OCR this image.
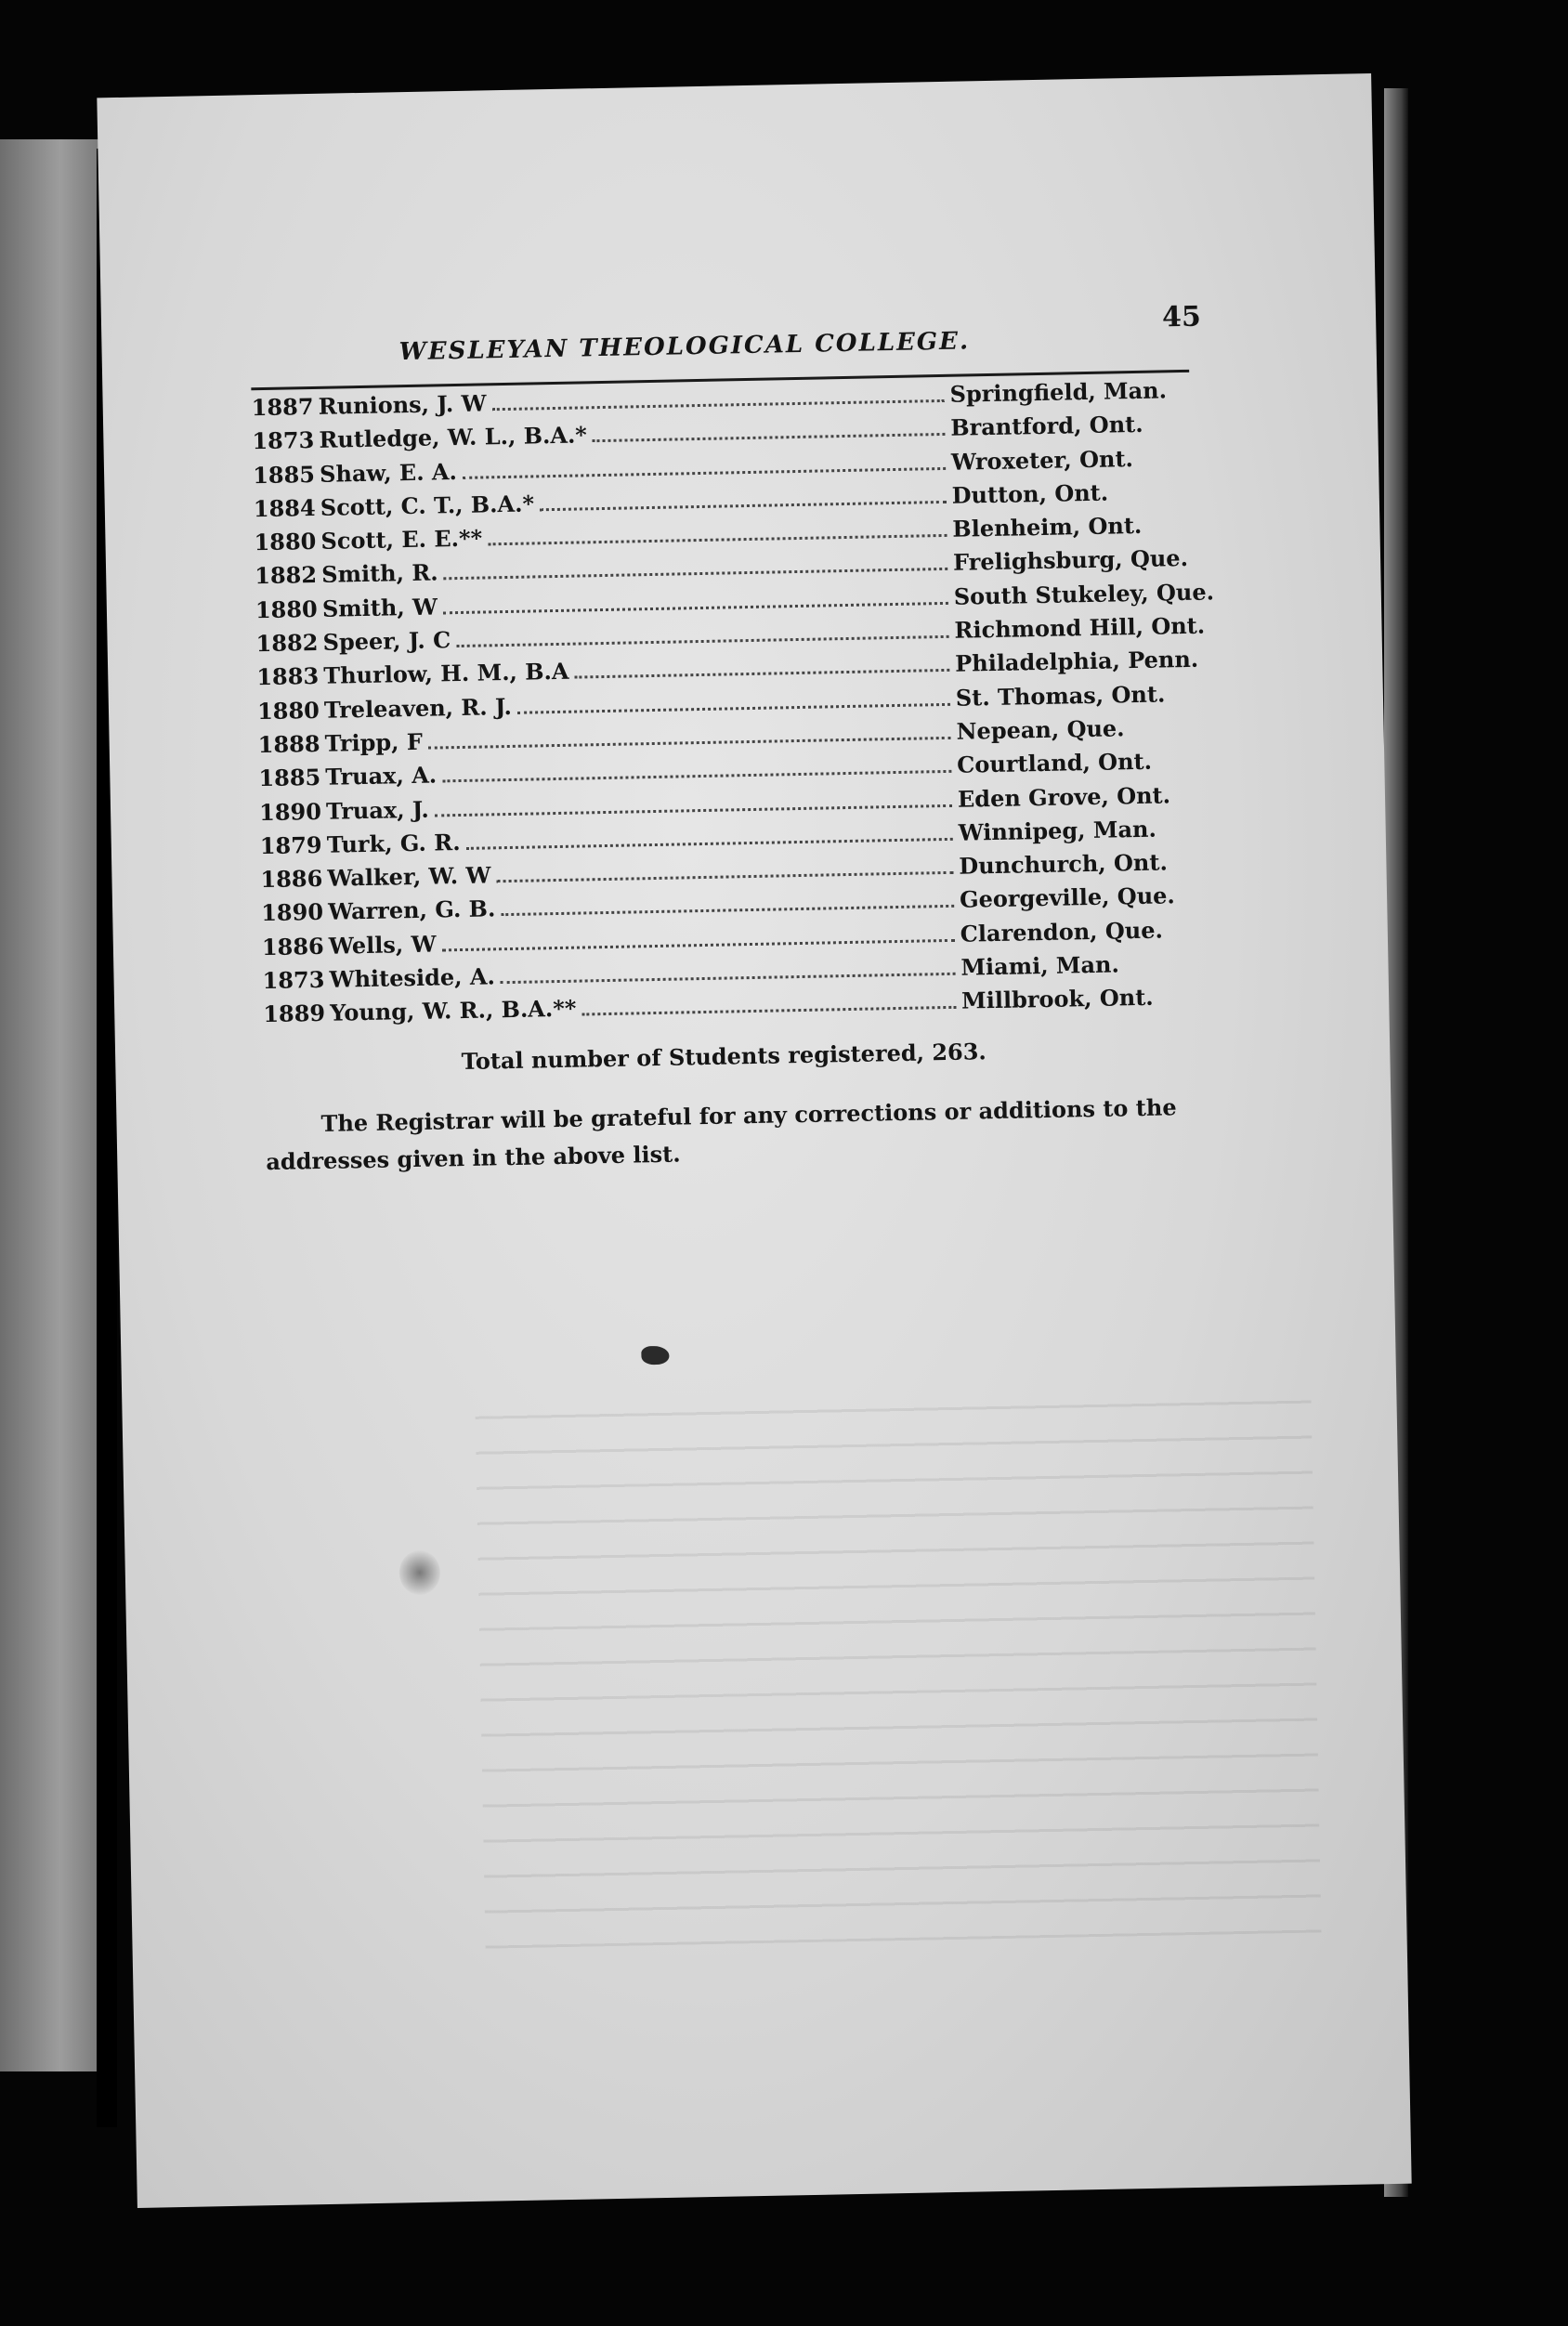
WESLEYAN THEOLOGICAL COLLEGE.
45
1887 Runions, J. W	Springfield, Man.
1873 Rutledge, W. L., B.A.*	Brantford, Ont.
1885 Shaw, E. A.	Wroxeter, Ont.
1884 Scott, C. T., B.A.*	Dutton, Ont.
1880 Scott, E. E.**	Blenheim, Ont.
1882 Smith, R.	Frelighsburg, Que.
1880 Smith, W	South Stukeley, Que.
1882 Speer, J. C	Richmond Hill, Ont.
1883 Thurlow, H. M., B.A	Philadelphia, Penn.
1880 Treleaven, R. J.	St. Thomas, Ont.
1888 Tripp, F	Nepean, Que.
1885 Truax, A.	Courtland, Ont.
1890 Truax, J.	Eden Grove, Ont.
1879 Turk, G. R.	Winnipeg, Man.
1886 Walker, W. W	Dunchurch, Ont.
1890 Warren, G. B.	Georgeville, Que.
1886 Wells, W	Clarendon, Que.
1873 Whiteside, A.	Miami, Man.
1889 Young, W. R., B.A.**	Millbrook, Ont.
Total number of Students registered, 263.
The Registrar will be grateful for any corrections or additions to the addresses given in the above list.
